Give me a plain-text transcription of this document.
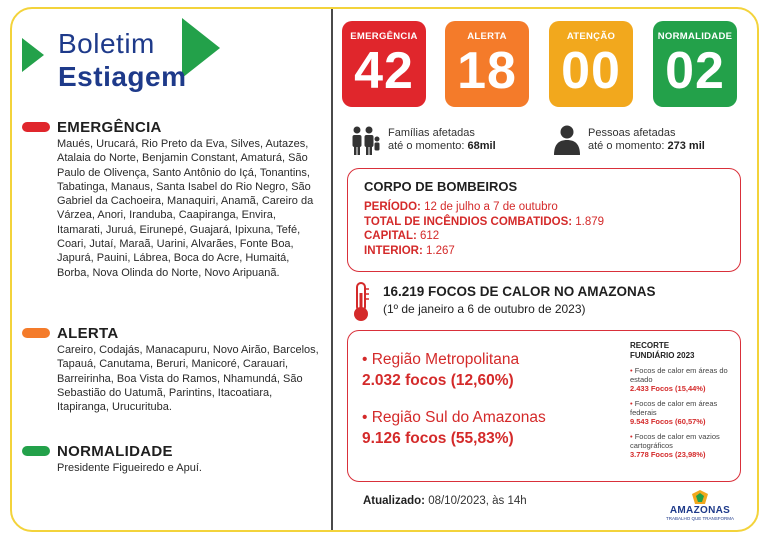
Boletim
Estiagem
EMERGÊNCIA
Maués, Urucará, Rio Preto da Eva, Silves, Autazes, Atalaia do Norte, Benjamin Constant, Amaturá, São Paulo de Olivença, Santo Antônio do Içá, Tonantins, Tabatinga, Manaus, Santa Isabel do Rio Negro, São Gabriel da Cachoeira, Manaquiri, Anamã, Careiro da Várzea, Anori, Iranduba, Caapiranga, Envira, Itamarati, Juruá, Eirunepé, Guajará, Ipixuna, Tefé, Coari, Jutaí, Maraã, Uarini, Alvarães, Fonte Boa, Japurá, Pauini, Lábrea, Boca do Acre, Humaitá, Borba, Nova Olinda do Norte, Novo Aripuanã.
ALERTA
Careiro, Codajás, Manacapuru, Novo Airão, Barcelos, Tapauá, Canutama, Beruri, Manicoré, Carauari, Barreirinha, Boa Vista do Ramos, Nhamundá, São Sebastião do Uatumã, Parintins, Itacoatiara, Itapiranga, Urucurituba.
NORMALIDADE
Presidente Figueiredo e Apuí.
EMERGÊNCIA
42
ALERTA
18
ATENÇÃO
00
NORMALIDADE
02
Famílias afetadas
até o momento: 68mil
Pessoas afetadas
até o momento: 273 mil
CORPO DE BOMBEIROS
PERÍODO: 12 de julho a 7 de outubro
TOTAL DE INCÊNDIOS COMBATIDOS: 1.879
CAPITAL: 612
INTERIOR: 1.267
16.219 FOCOS DE CALOR NO AMAZONAS
(1º de janeiro a 6 de outubro de 2023)
• Região Metropolitana
2.032 focos (12,60%)
• Região Sul do Amazonas
9.126 focos (55,83%)
RECORTE
FUNDIÁRIO 2023
• Focos de calor em áreas do estado
2.433 Focos (15,44%)
• Focos de calor em áreas federais
9.543 Focos (60,57%)
• Focos de calor em vazios cartográficos
3.778 Focos (23,98%)
Atualizado: 08/10/2023, às 14h
AMAZONAS
TRABALHO QUE TRANSFORMA
